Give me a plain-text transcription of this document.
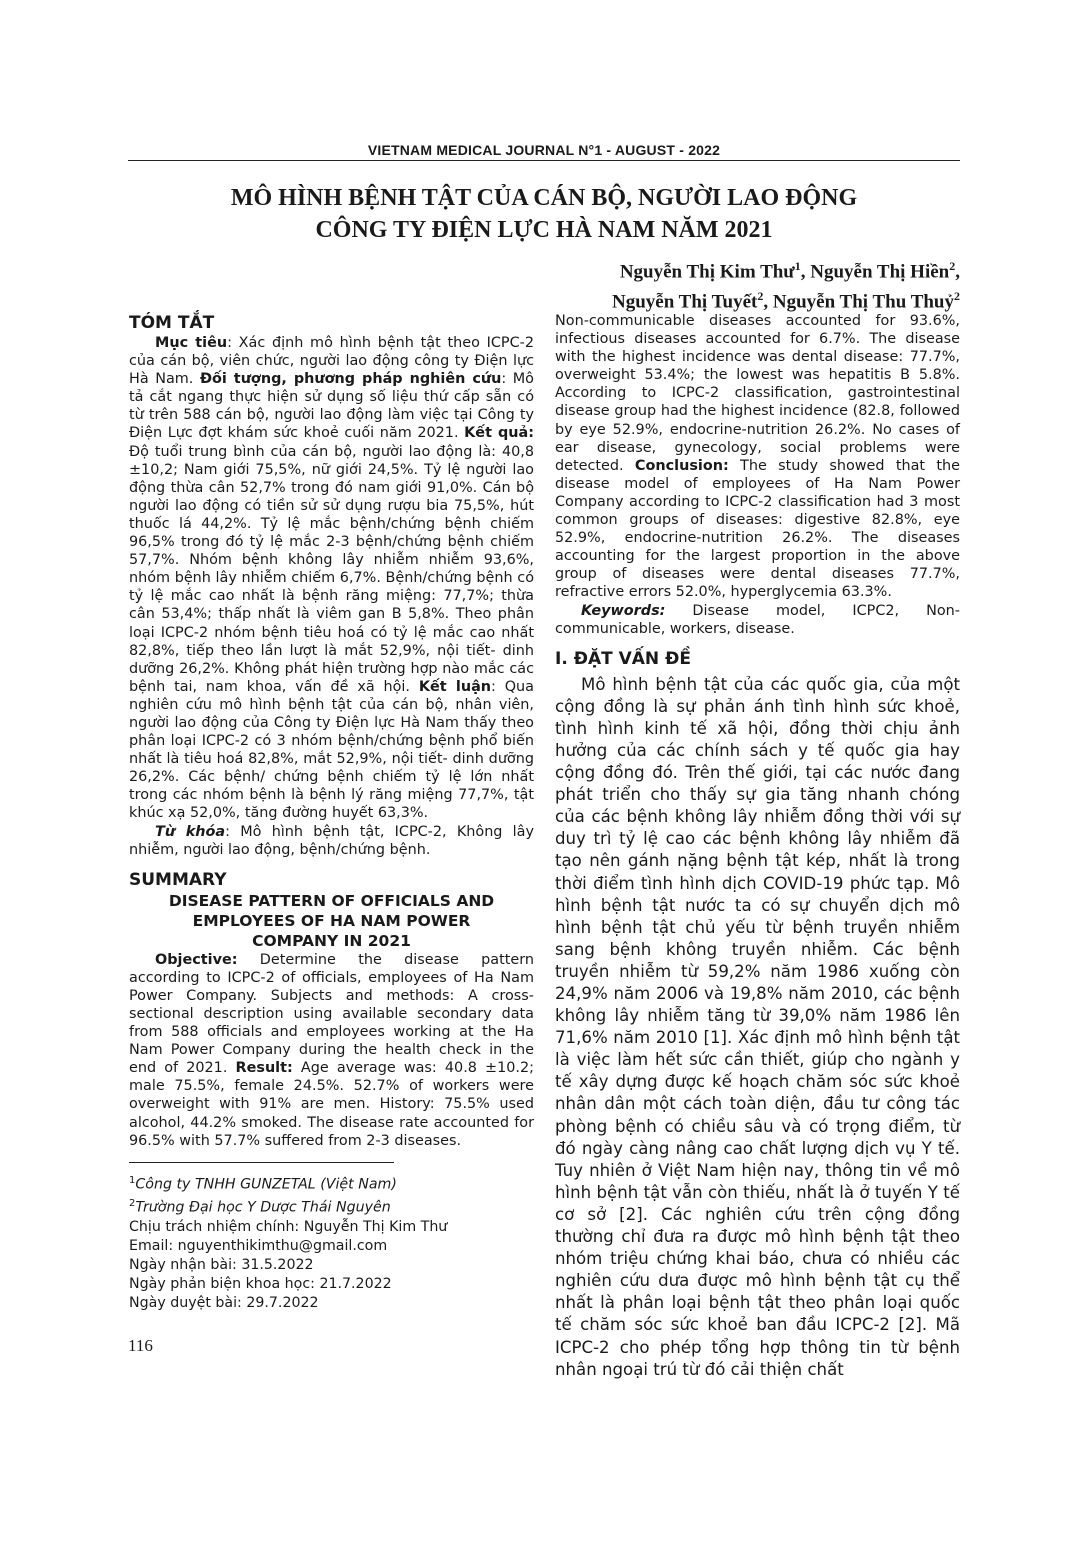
VIETNAM MEDICAL JOURNAL N°1 - AUGUST - 2022
MÔ HÌNH BỆNH TẬT CỦA CÁN BỘ, NGƯỜI LAO ĐỘNG
CÔNG TY ĐIỆN LỰC HÀ NAM NĂM 2021
Nguyễn Thị Kim Thư$^1$, Nguyễn Thị Hiền$^2$,
Nguyễn Thị Tuyết$^2$, Nguyễn Thị Thu Thuỷ$^2$
TÓM TẮT

Mục tiêu: Xác định mô hình bệnh tật theo ICPC-2 của cán bộ, viên chức, người lao động công ty Điện lực Hà Nam. Đối tượng, phương pháp nghiên cứu: Mô tả cắt ngang thực hiện sử dụng số liệu thứ cấp sẵn có từ trên 588 cán bộ, người lao động làm việc tại Công ty Điện Lực đợt khám sức khoẻ cuối năm 2021. Kết quả: Độ tuổi trung bình của cán bộ, người lao động là: 40,8 ±10,2; Nam giới 75,5%, nữ giới 24,5%. Tỷ lệ người lao động thừa cân 52,7% trong đó nam giới 91,0%. Cán bộ người lao động có tiền sử sử dụng rượu bia 75,5%, hút thuốc lá 44,2%. Tỷ lệ mắc bệnh/chứng bệnh chiếm 96,5% trong đó tỷ lệ mắc 2-3 bệnh/chứng bệnh chiếm 57,7%. Nhóm bệnh không lây nhiễm nhiễm 93,6%, nhóm bệnh lây nhiễm chiếm 6,7%. Bệnh/chứng bệnh có tỷ lệ mắc cao nhất là bệnh răng miệng: 77,7%; thừa cân 53,4%; thấp nhất là viêm gan B 5,8%. Theo phân loại ICPC-2 nhóm bệnh tiêu hoá có tỷ lệ mắc cao nhất 82,8%, tiếp theo lần lượt là mắt 52,9%, nội tiết- dinh dưỡng 26,2%. Không phát hiện trường hợp nào mắc các bệnh tai, nam khoa, vấn đề xã hội. Kết luận: Qua nghiên cứu mô hình bệnh tật của cán bộ, nhân viên, người lao động của Công ty Điện lực Hà Nam thấy theo phân loại ICPC-2 có 3 nhóm bệnh/chứng bệnh phổ biến nhất là tiêu hoá 82,8%, mắt 52,9%, nội tiết- dinh dưỡng 26,2%. Các bệnh/ chứng bệnh chiếm tỷ lệ lớn nhất trong các nhóm bệnh là bệnh lý răng miệng 77,7%, tật khúc xạ 52,0%, tăng đường huyết 63,3%.

Từ khóa: Mô hình bệnh tật, ICPC-2, Không lây nhiễm, người lao động, bệnh/chứng bệnh.

SUMMARY
DISEASE PATTERN OF OFFICIALS AND
EMPLOYEES OF HA NAM POWER
COMPANY IN 2021

Objective: Determine the disease pattern according to ICPC-2 of officials, employees of Ha Nam Power Company. Subjects and methods: A cross-sectional description using available secondary data from 588 officials and employees working at the Ha Nam Power Company during the health check in the end of 2021. Result: Age average was: 40.8 ±10.2; male 75.5%, female 24.5%. 52.7% of workers were overweight with 91% are men. History: 75.5% used alcohol, 44.2% smoked. The disease rate accounted for 96.5% with 57.7% suffered from 2-3 diseases.

$^1$Công ty TNHH GUNZETAL (Việt Nam)
$^2$Trường Đại học Y Dược Thái Nguyên
Chịu trách nhiệm chính: Nguyễn Thị Kim Thư
Email: nguyenthikimthu@gmail.com
Ngày nhận bài: 31.5.2022
Ngày phản biện khoa học: 21.7.2022
Ngày duyệt bài: 29.7.2022

Non-communicable diseases accounted for 93.6%, infectious diseases accounted for 6.7%. The disease with the highest incidence was dental disease: 77.7%, overweight 53.4%; the lowest was hepatitis B 5.8%. According to ICPC-2 classification, gastrointestinal disease group had the highest incidence (82.8, followed by eye 52.9%, endocrine-nutrition 26.2%. No cases of ear disease, gynecology, social problems were detected. Conclusion: The study showed that the disease model of employees of Ha Nam Power Company according to ICPC-2 classification had 3 most common groups of diseases: digestive 82.8%, eye 52.9%, endocrine-nutrition 26.2%. The diseases accounting for the largest proportion in the above group of diseases were dental diseases 77.7%, refractive errors 52.0%, hyperglycemia 63.3%.

Keywords: Disease model, ICPC2, Non-communicable, workers, disease.

I. ĐẶT VẤN ĐỀ

Mô hình bệnh tật của các quốc gia, của một cộng đồng là sự phản ánh tình hình sức khoẻ, tình hình kinh tế xã hội, đồng thời chịu ảnh hưởng của các chính sách y tế quốc gia hay cộng đồng đó. Trên thế giới, tại các nước đang phát triển cho thấy sự gia tăng nhanh chóng của các bệnh không lây nhiễm đồng thời với sự duy trì tỷ lệ cao các bệnh không lây nhiễm đã tạo nên gánh nặng bệnh tật kép, nhất là trong thời điểm tình hình dịch COVID-19 phức tạp. Mô hình bệnh tật nước ta có sự chuyển dịch mô hình bệnh tật chủ yếu từ bệnh truyền nhiễm sang bệnh không truyền nhiễm. Các bệnh truyền nhiễm từ 59,2% năm 1986 xuống còn 24,9% năm 2006 và 19,8% năm 2010, các bệnh không lây nhiễm tăng từ 39,0% năm 1986 lên 71,6% năm 2010 [1]. Xác định mô hình bệnh tật là việc làm hết sức cần thiết, giúp cho ngành y tế xây dựng được kế hoạch chăm sóc sức khoẻ nhân dân một cách toàn diện, đầu tư công tác phòng bệnh có chiều sâu và có trọng điểm, từ đó ngày càng nâng cao chất lượng dịch vụ Y tế. Tuy nhiên ở Việt Nam hiện nay, thông tin về mô hình bệnh tật vẫn còn thiếu, nhất là ở tuyến Y tế cơ sở [2]. Các nghiên cứu trên cộng đồng thường chỉ đưa ra được mô hình bệnh tật theo nhóm triệu chứng khai báo, chưa có nhiều các nghiên cứu dưa được mô hình bệnh tật cụ thể nhất là phân loại bệnh tật theo phân loại quốc tế chăm sóc sức khoẻ ban đầu ICPC-2 [2]. Mã ICPC-2 cho phép tổng hợp thông tin từ bệnh nhân ngoại trú từ đó cải thiện chất

116
